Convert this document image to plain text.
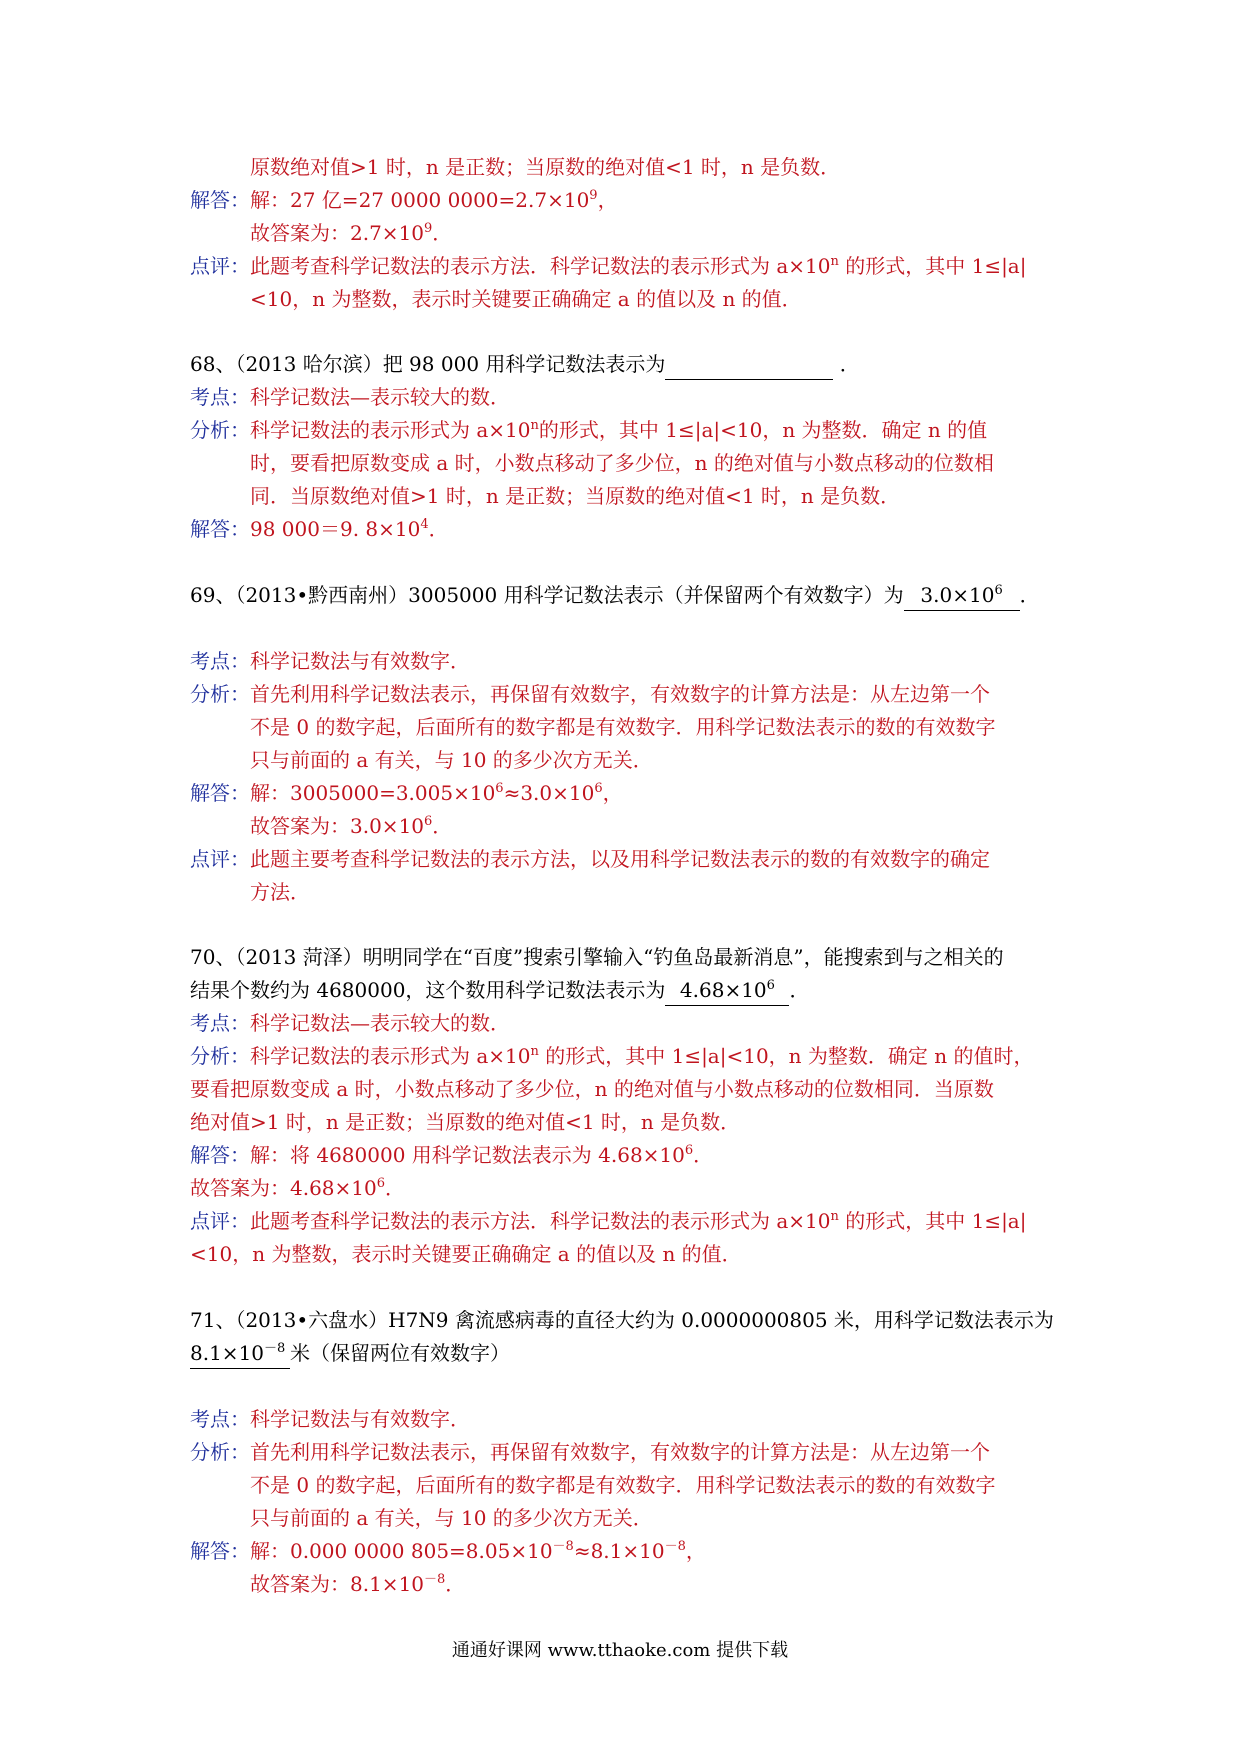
原数绝对值>1 时，n 是正数；当原数的绝对值<1 时，n 是负数．
解答：解：27 亿=27 0000 $0000=2.7\times 10^9$，
故答案为：$2.7\times 10^9$．
点评：此题考查科学记数法的表示方法．科学记数法的表示形式为 $a\times 10^n$ 的形式，其中 1≤|a|
<10，n 为整数，表示时关键要正确确定 a 的值以及 n 的值．
68、（2013 哈尔滨）把 98 000 用科学记数法表示为	．
考点：科学记数法—表示较大的数．
分析：科学记数法的表示形式为 $a\times 10^n$的形式，其中 1≤|a|<10，n 为整数．确定 n 的值
时，要看把原数变成 a 时，小数点移动了多少位，n 的绝对值与小数点移动的位数相
同．当原数绝对值>1 时，n 是正数；当原数的绝对值<1 时，n 是负数．
解答：98 000＝9. $8\times 10^4$．
69、（2013•黔西南州）3005000 用科学记数法表示（并保留两个有效数字）为 $3.0\times 10^6$ ．
考点：科学记数法与有效数字．
分析：首先利用科学记数法表示，再保留有效数字，有效数字的计算方法是：从左边第一个
不是 0 的数字起，后面所有的数字都是有效数字．用科学记数法表示的数的有效数字
只与前面的 a 有关，与 10 的多少次方无关．
解答：解：$3005000=3.005\times 10^6\approx 3.0\times 10^6$，
故答案为：$3.0\times 10^6$．
点评：此题主要考查科学记数法的表示方法，以及用科学记数法表示的数的有效数字的确定
方法．
70、（2013 菏泽）明明同学在“百度”搜索引擎输入“钓鱼岛最新消息”，能搜索到与之相关的
结果个数约为 4680000，这个数用科学记数法表示为 $4.68\times 10^6$ ．
考点：科学记数法—表示较大的数．
分析：科学记数法的表示形式为 $a\times 10^n$ 的形式，其中 1≤|a|<10，n 为整数．确定 n 的值时，
要看把原数变成 a 时，小数点移动了多少位，n 的绝对值与小数点移动的位数相同．当原数
绝对值>1 时，n 是正数；当原数的绝对值<1 时，n 是负数．
解答：解：将 4680000 用科学记数法表示为 $4.68\times 10^6$．
故答案为：$4.68\times 10^6$．
点评：此题考查科学记数法的表示方法．科学记数法的表示形式为 $a\times 10^n$ 的形式，其中 1≤|a|
<10，n 为整数，表示时关键要正确确定 a 的值以及 n 的值．
71、（2013•六盘水）H7N9 禽流感病毒的直径大约为 0.0000000805 米，用科学记数法表示为
$8.1\times 10^{-8}$ 米（保留两位有效数字）
考点：科学记数法与有效数字．
分析：首先利用科学记数法表示，再保留有效数字，有效数字的计算方法是：从左边第一个
不是 0 的数字起，后面所有的数字都是有效数字．用科学记数法表示的数的有效数字
只与前面的 a 有关，与 10 的多少次方无关．
解答：解：0.000 0000 $805=8.05\times 10^{-8}\approx 8.1\times 10^{-8}$，
故答案为：$8.1\times 10^{-8}$．
通通好课网 www.tthaoke.com 提供下载
